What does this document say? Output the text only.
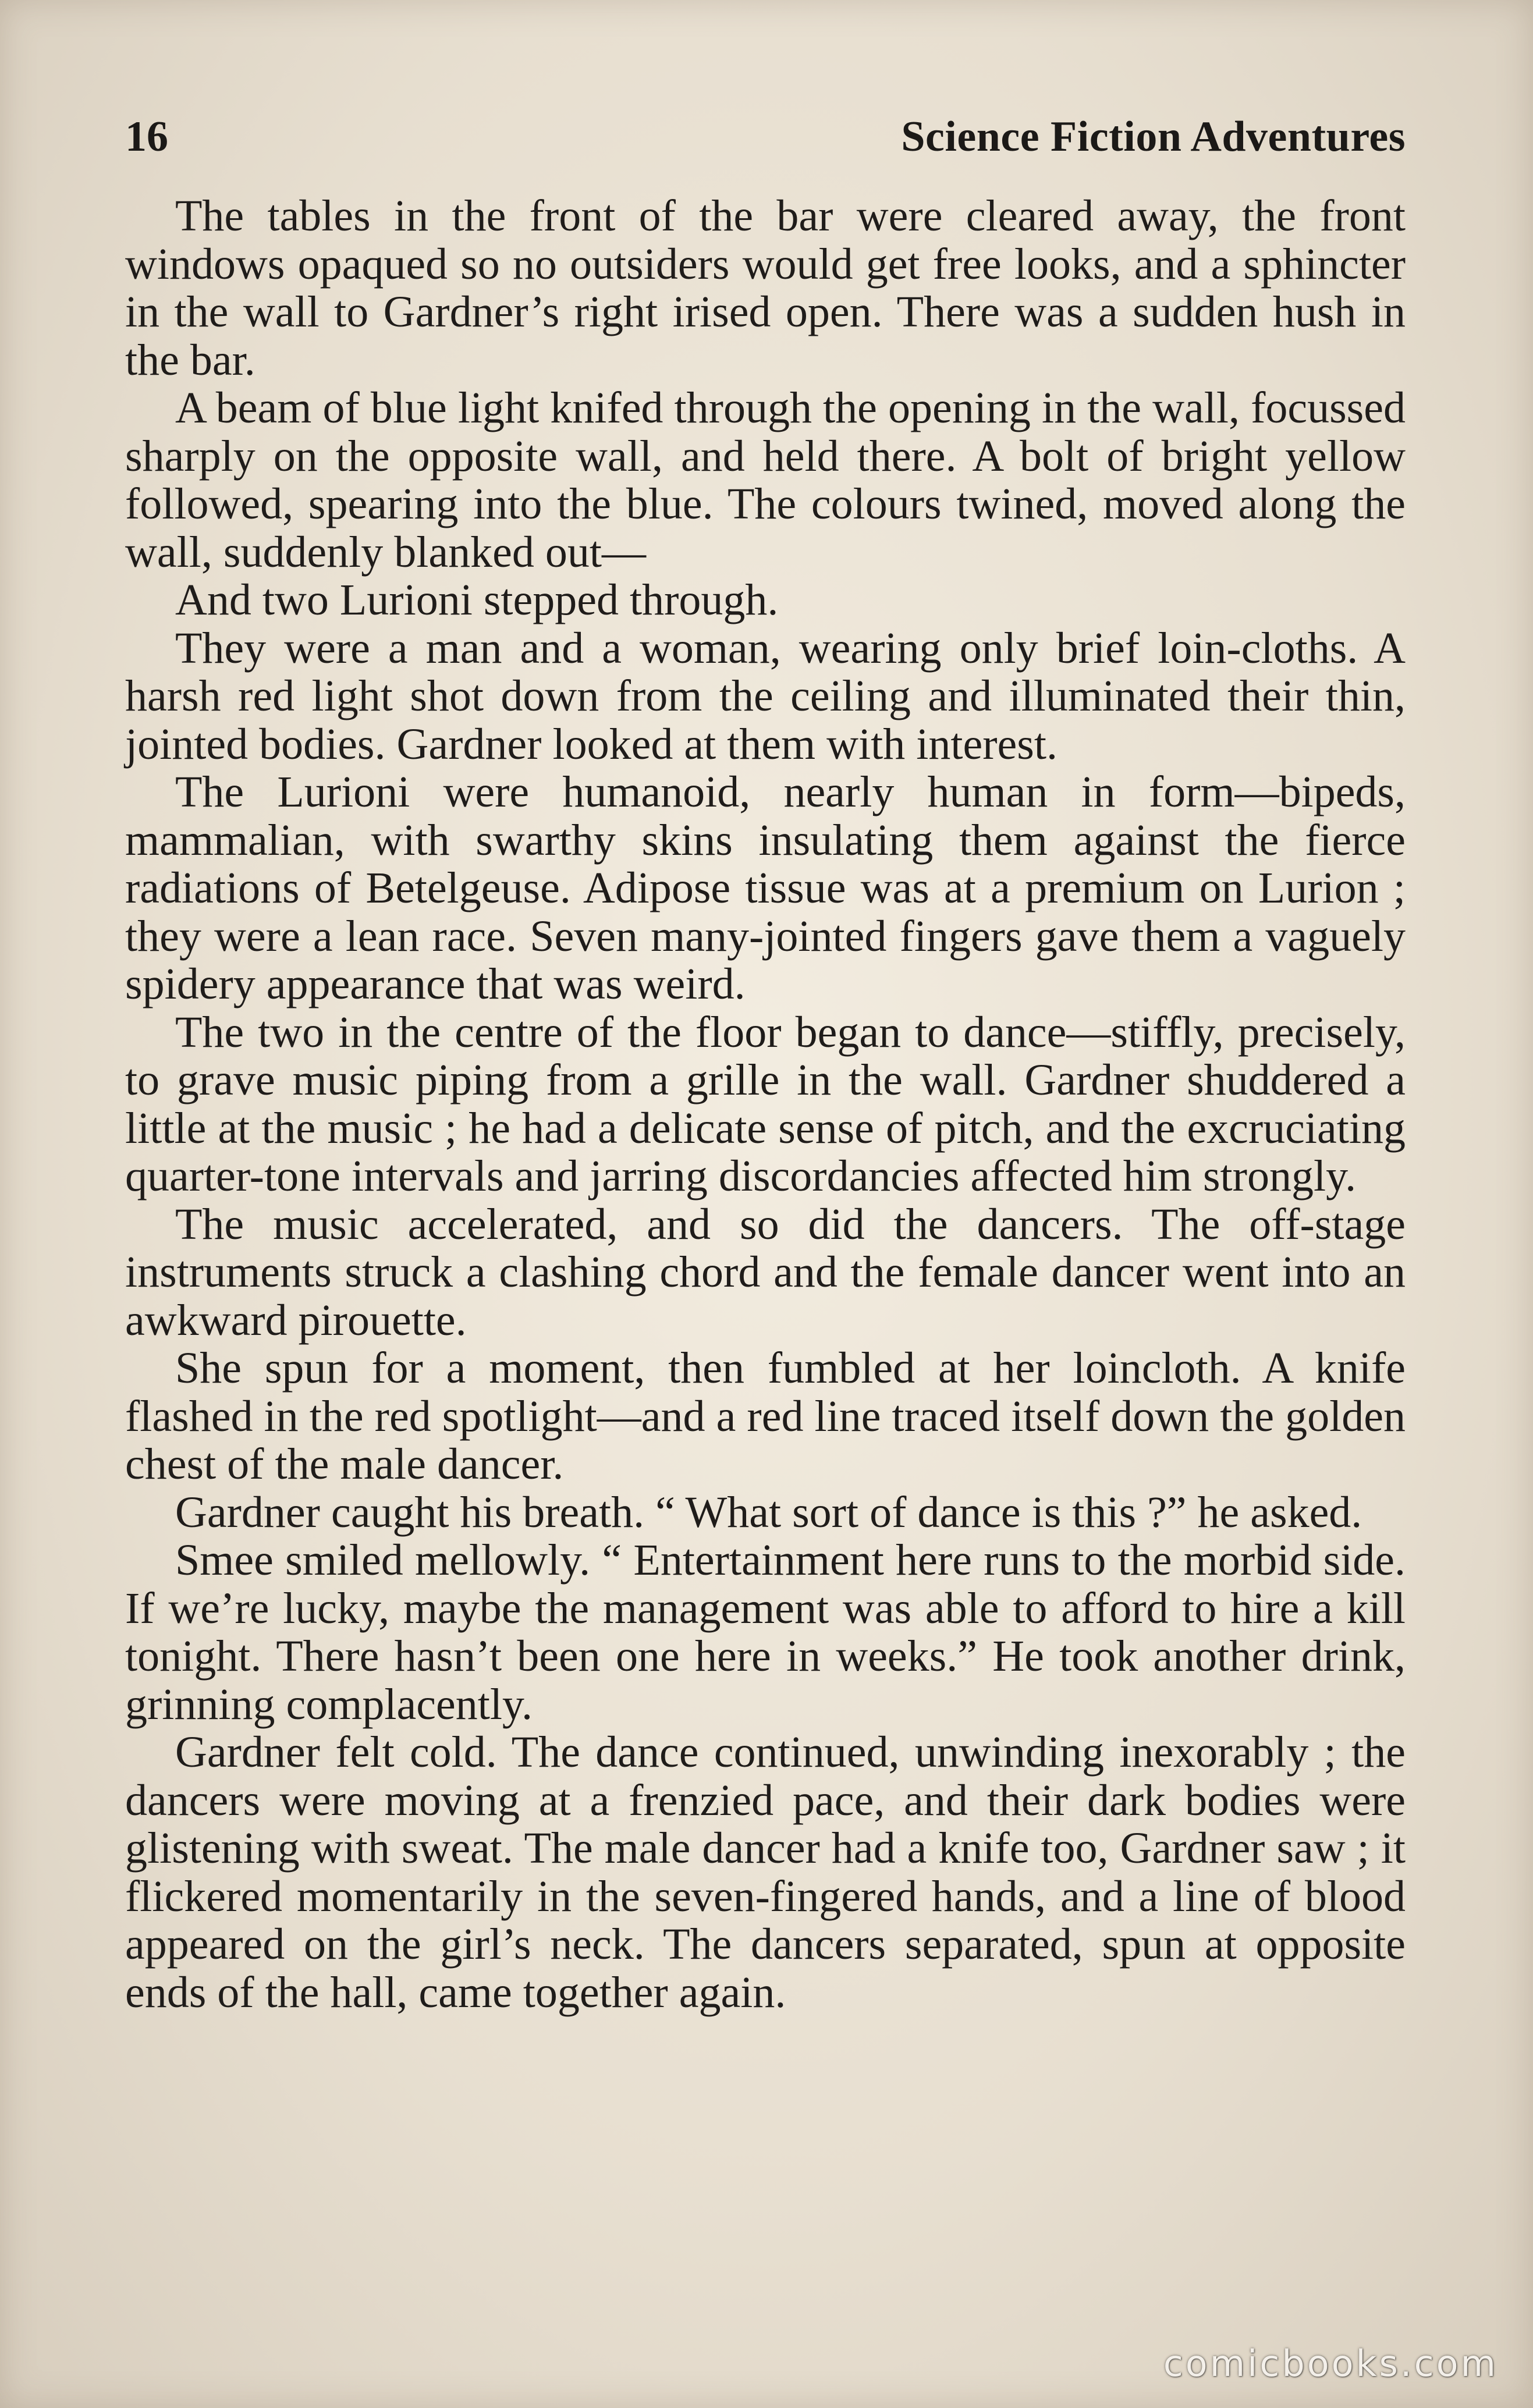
16	Science Fiction Adventures

The tables in the front of the bar were cleared away, the front windows opaqued so no outsiders would get free looks, and a sphincter in the wall to Gardner’s right irised open. There was a sudden hush in the bar.

A beam of blue light knifed through the opening in the wall, focussed sharply on the opposite wall, and held there. A bolt of bright yellow followed, spearing into the blue. The colours twined, moved along the wall, suddenly blanked out—

And two Lurioni stepped through.

They were a man and a woman, wearing only brief loin-cloths. A harsh red light shot down from the ceiling and illuminated their thin, jointed bodies. Gardner looked at them with interest.

The Lurioni were humanoid, nearly human in form—bipeds, mammalian, with swarthy skins insulating them against the fierce radiations of Betelgeuse. Adipose tissue was at a premium on Lurion ; they were a lean race. Seven many-jointed fingers gave them a vaguely spidery appearance that was weird.

The two in the centre of the floor began to dance—stiffly, precisely, to grave music piping from a grille in the wall. Gardner shuddered a little at the music ; he had a delicate sense of pitch, and the excruciating quarter-tone intervals and jarring discordancies affected him strongly.

The music accelerated, and so did the dancers. The off-stage instruments struck a clashing chord and the female dancer went into an awkward pirouette.

She spun for a moment, then fumbled at her loincloth. A knife flashed in the red spotlight—and a red line traced itself down the golden chest of the male dancer.

Gardner caught his breath. “ What sort of dance is this ?” he asked.

Smee smiled mellowly. “ Entertainment here runs to the morbid side. If we’re lucky, maybe the management was able to afford to hire a kill tonight. There hasn’t been one here in weeks.” He took another drink, grinning complacently.

Gardner felt cold. The dance continued, unwinding inexorably ; the dancers were moving at a frenzied pace, and their dark bodies were glistening with sweat. The male dancer had a knife too, Gardner saw ; it flickered momentarily in the seven-fingered hands, and a line of blood appeared on the girl’s neck. The dancers separated, spun at opposite ends of the hall, came together again.

comicbooks.com
